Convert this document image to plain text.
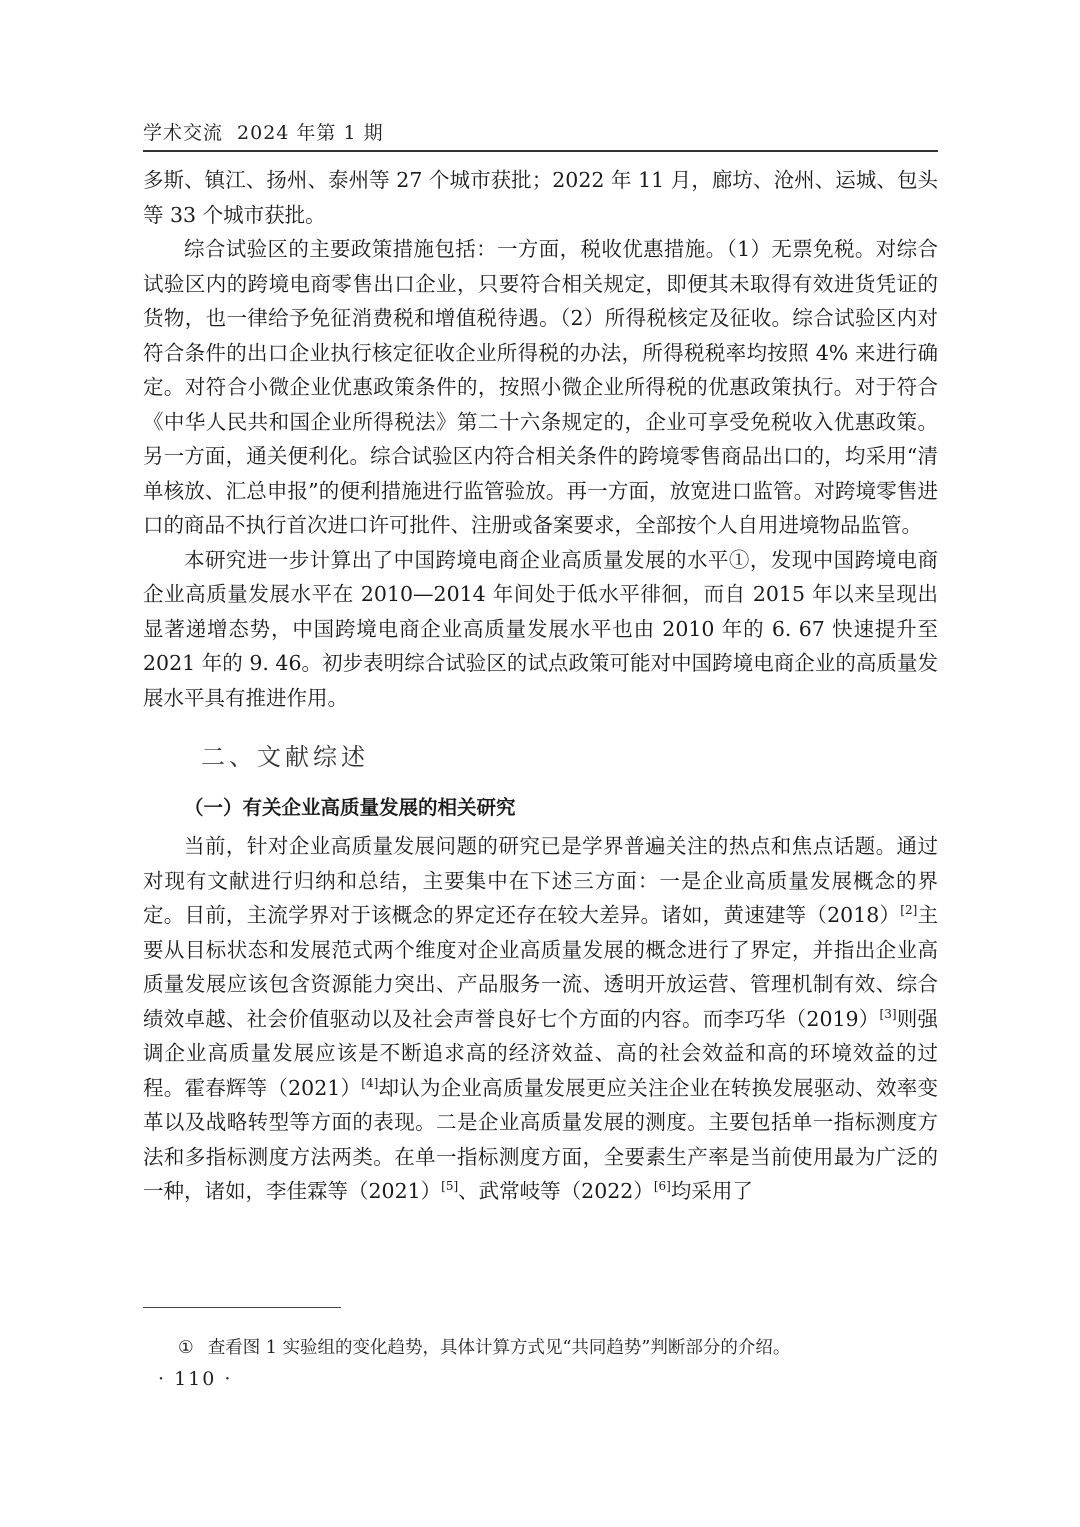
学术交流 2024 年第 1 期

多斯、镇江、扬州、泰州等 27 个城市获批；2022 年 11 月，廊坊、沧州、运城、包头等 33 个城市获批。

综合试验区的主要政策措施包括：一方面，税收优惠措施。（1）无票免税。对综合试验区内的跨境电商零售出口企业，只要符合相关规定，即便其未取得有效进货凭证的货物，也一律给予免征消费税和增值税待遇。（2）所得税核定及征收。综合试验区内对符合条件的出口企业执行核定征收企业所得税的办法，所得税税率均按照 4% 来进行确定。对符合小微企业优惠政策条件的，按照小微企业所得税的优惠政策执行。对于符合《中华人民共和国企业所得税法》第二十六条规定的，企业可享受免税收入优惠政策。另一方面，通关便利化。综合试验区内符合相关条件的跨境零售商品出口的，均采用“清单核放、汇总申报”的便利措施进行监管验放。再一方面，放宽进口监管。对跨境零售进口的商品不执行首次进口许可批件、注册或备案要求，全部按个人自用进境物品监管。

本研究进一步计算出了中国跨境电商企业高质量发展的水平①，发现中国跨境电商企业高质量发展水平在 2010—2014 年间处于低水平徘徊，而自 2015 年以来呈现出显著递增态势，中国跨境电商企业高质量发展水平也由 2010 年的 6. 67 快速提升至 2021 年的 9. 46。初步表明综合试验区的试点政策可能对中国跨境电商企业的高质量发展水平具有推进作用。

二、文献综述

（一）有关企业高质量发展的相关研究

当前，针对企业高质量发展问题的研究已是学界普遍关注的热点和焦点话题。通过对现有文献进行归纳和总结，主要集中在下述三方面：一是企业高质量发展概念的界定。目前，主流学界对于该概念的界定还存在较大差异。诸如，黄速建等（2018）[2]主要从目标状态和发展范式两个维度对企业高质量发展的概念进行了界定，并指出企业高质量发展应该包含资源能力突出、产品服务一流、透明开放运营、管理机制有效、综合绩效卓越、社会价值驱动以及社会声誉良好七个方面的内容。而李巧华（2019）[3]则强调企业高质量发展应该是不断追求高的经济效益、高的社会效益和高的环境效益的过程。霍春辉等（2021）[4]却认为企业高质量发展更应关注企业在转换发展驱动、效率变革以及战略转型等方面的表现。二是企业高质量发展的测度。主要包括单一指标测度方法和多指标测度方法两类。在单一指标测度方面，全要素生产率是当前使用最为广泛的一种，诸如，李佳霖等（2021）[5]、武常岐等（2022）[6]均采用了

① 查看图 1 实验组的变化趋势，具体计算方式见“共同趋势”判断部分的介绍。
· 110 ·
